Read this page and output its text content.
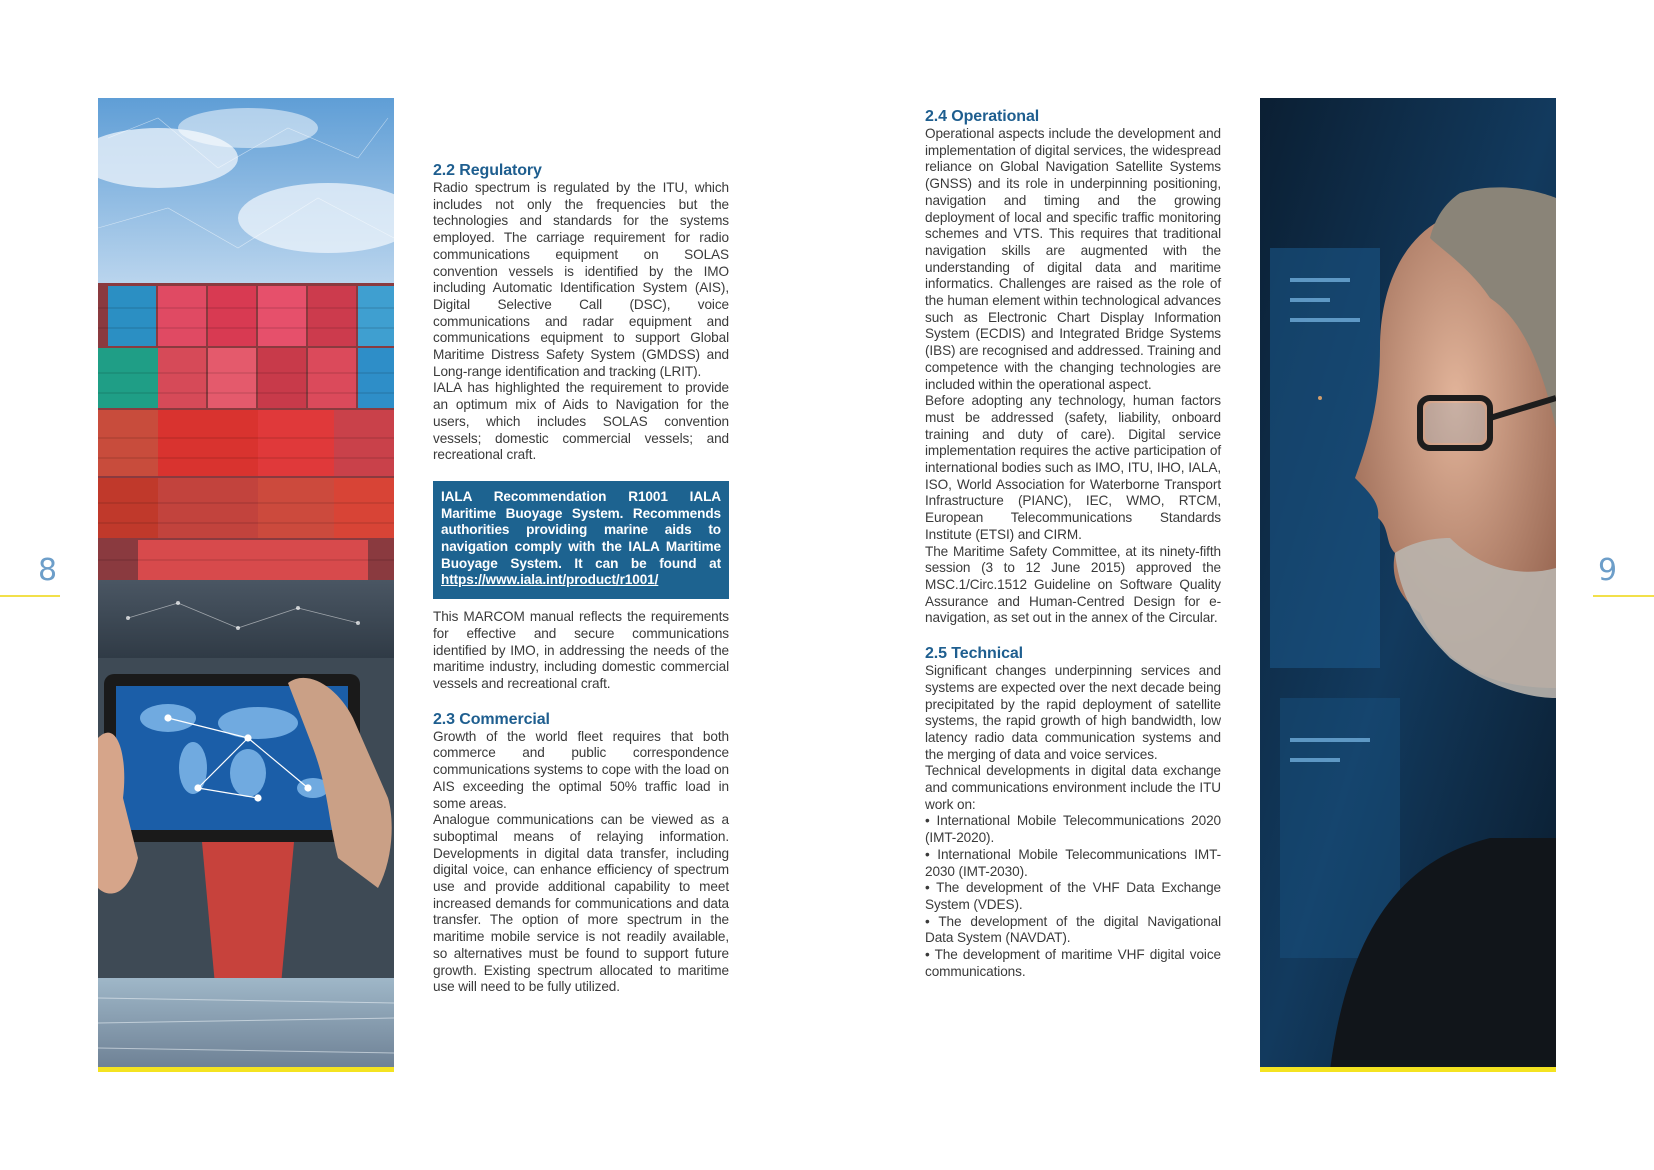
8	9
2.2 Regulatory

Radio spectrum is regulated by the ITU, which includes not only the frequencies but the technologies and standards for the systems employed. The carriage requirement for radio communications equipment on SOLAS convention vessels is identified by the IMO including Automatic Identification System (AIS), Digital Selective Call (DSC), voice communications and radar equipment and communications equipment to support Global Maritime Distress Safety System (GMDSS) and Long-range identification and tracking (LRIT).

IALA has highlighted the requirement to provide an optimum mix of Aids to Navigation for the users, which includes SOLAS convention vessels; domestic commercial vessels; and recreational craft.

IALA Recommendation R1001 IALA Maritime Buoyage System. Recommends authorities providing marine aids to navigation comply with the IALA Maritime Buoyage System. It can be found at https://www.iala.int/product/r1001/

This MARCOM manual reflects the requirements for effective and secure communications identified by IMO, in addressing the needs of the maritime industry, including domestic commercial vessels and recreational craft.

2.3 Commercial

Growth of the world fleet requires that both commerce and public correspondence communications systems to cope with the load on AIS exceeding the optimal 50% traffic load in some areas.

Analogue communications can be viewed as a suboptimal means of relaying information. Developments in digital data transfer, including digital voice, can enhance efficiency of spectrum use and provide additional capability to meet increased demands for communications and data transfer. The option of more spectrum in the maritime mobile service is not readily available, so alternatives must be found to support future growth. Existing spectrum allocated to maritime use will need to be fully utilized.

2.4 Operational

Operational aspects include the development and implementation of digital services, the widespread reliance on Global Navigation Satellite Systems (GNSS) and its role in underpinning positioning, navigation and timing and the growing deployment of local and specific traffic monitoring schemes and VTS. This requires that traditional navigation skills are augmented with the understanding of digital data and maritime informatics. Challenges are raised as the role of the human element within technological advances such as Electronic Chart Display Information System (ECDIS) and Integrated Bridge Systems (IBS) are recognised and addressed. Training and competence with the changing technologies are included within the operational aspect.

Before adopting any technology, human factors must be addressed (safety, liability, onboard training and duty of care). Digital service implementation requires the active participation of international bodies such as IMO, ITU, IHO, IALA, ISO, World Association for Waterborne Transport Infrastructure (PIANC), IEC, WMO, RTCM, European Telecommunications Standards Institute (ETSI) and CIRM.

The Maritime Safety Committee, at its ninety-fifth session (3 to 12 June 2015) approved the MSC.1/Circ.1512 Guideline on Software Quality Assurance and Human-Centred Design for e-navigation, as set out in the annex of the Circular.

2.5 Technical

Significant changes underpinning services and systems are expected over the next decade being precipitated by the rapid deployment of satellite systems, the rapid growth of high bandwidth, low latency radio data communication systems and the merging of data and voice services.

Technical developments in digital data exchange and communications environment include the ITU work on:

• International Mobile Telecommunications 2020 (IMT-2020).

• International Mobile Telecommunications IMT-2030 (IMT-2030).

• The development of the VHF Data Exchange System (VDES).

• The development of the digital Navigational Data System (NAVDAT).

• The development of maritime VHF digital voice communications.
